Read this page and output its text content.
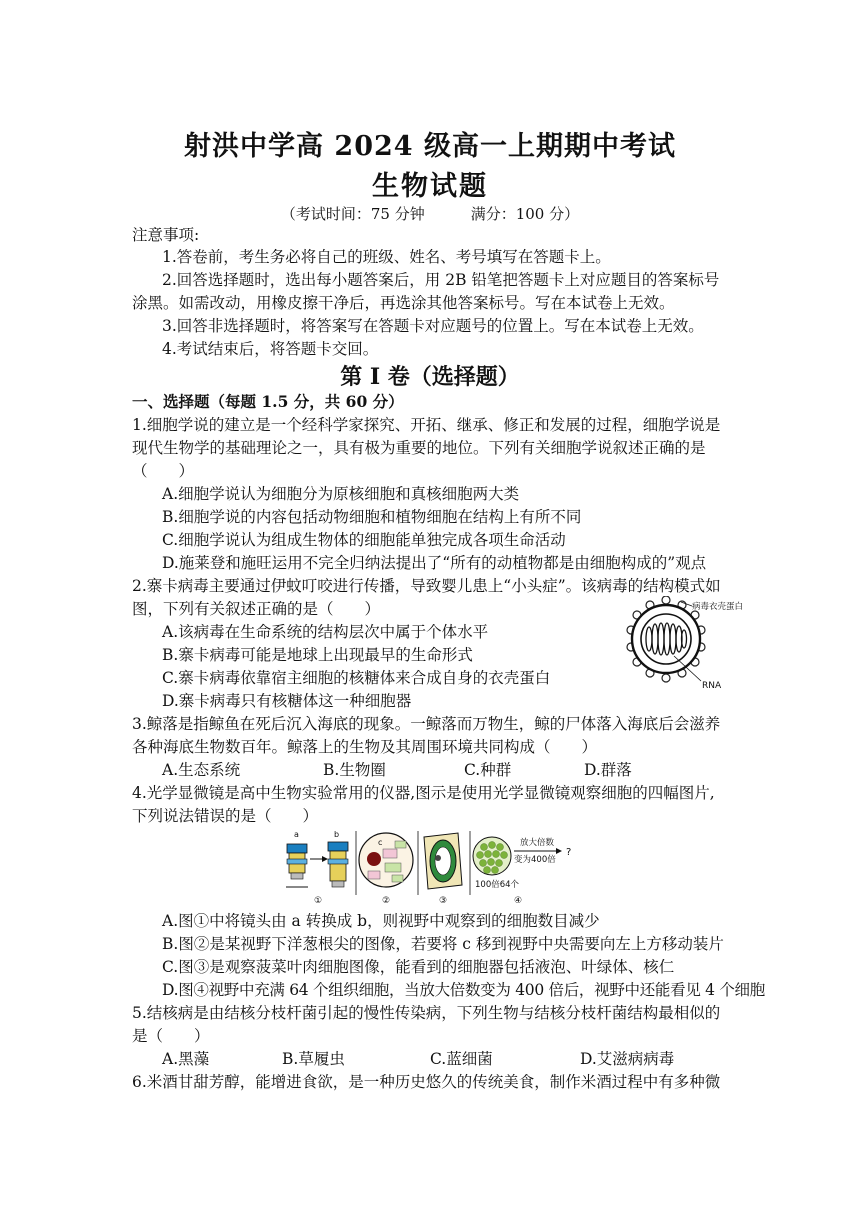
射洪中学高 2024 级高一上期期中考试
生物试题
（考试时间：75 分钟	满分：100 分）
注意事项:
1.答卷前，考生务必将自己的班级、姓名、考号填写在答题卡上。
2.回答选择题时，选出每小题答案后，用 2B 铅笔把答题卡上对应题目的答案标号
涂黑。如需改动，用橡皮擦干净后，再选涂其他答案标号。写在本试卷上无效。
3.回答非选择题时，将答案写在答题卡对应题号的位置上。写在本试卷上无效。
4.考试结束后，将答题卡交回。
第 I 卷（选择题）
一、选择题（每题 1.5 分，共 60 分）
1.细胞学说的建立是一个经科学家探究、开拓、继承、修正和发展的过程，细胞学说是
现代生物学的基础理论之一，具有极为重要的地位。下列有关细胞学说叙述正确的是
（　　）
A.细胞学说认为细胞分为原核细胞和真核细胞两大类
B.细胞学说的内容包括动物细胞和植物细胞在结构上有所不同
C.细胞学说认为组成生物体的细胞能单独完成各项生命活动
D.施莱登和施旺运用不完全归纳法提出了“所有的动植物都是由细胞构成的”观点
2.寨卡病毒主要通过伊蚊叮咬进行传播，导致婴儿患上“小头症”。该病毒的结构模式如
图，下列有关叙述正确的是（　　）
A.该病毒在生命系统的结构层次中属于个体水平
B.寨卡病毒可能是地球上出现最早的生命形式
C.寨卡病毒依靠宿主细胞的核糖体来合成自身的衣壳蛋白
D.寨卡病毒只有核糖体这一种细胞器
病毒衣壳蛋白
RNA
3.鲸落是指鲸鱼在死后沉入海底的现象。一鲸落而万物生，鲸的尸体落入海底后会滋养
各种海底生物数百年。鲸落上的生物及其周围环境共同构成（　　）
A.生态系统	B.生物圈	C.种群	D.群落
4.光学显微镜是高中生物实验常用的仪器,图示是使用光学显微镜观察细胞的四幅图片,
下列说法错误的是（　　）
a	b
①
c
②	③
放大倍数
变为400倍
?
100倍64个
④
A.图①中将镜头由 a 转换成 b，则视野中观察到的细胞数目减少
B.图②是某视野下洋葱根尖的图像，若要将 c 移到视野中央需要向左上方移动装片
C.图③是观察菠菜叶肉细胞图像，能看到的细胞器包括液泡、叶绿体、核仁
D.图④视野中充满 64 个组织细胞，当放大倍数变为 400 倍后，视野中还能看见 4 个细胞
5.结核病是由结核分枝杆菌引起的慢性传染病，下列生物与结核分枝杆菌结构最相似的
是（　　）
A.黑藻	B.草履虫	C.蓝细菌	D.艾滋病病毒
6.米酒甘甜芳醇，能增进食欲，是一种历史悠久的传统美食，制作米酒过程中有多种微
